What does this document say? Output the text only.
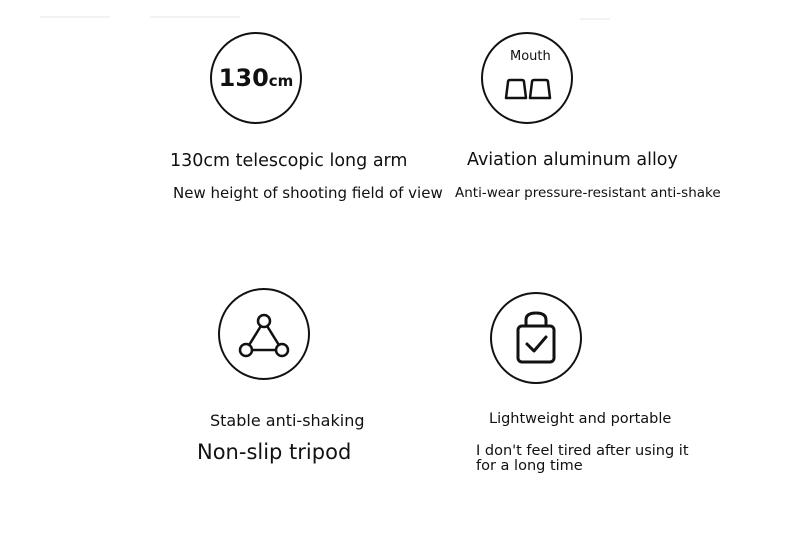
130cm
130cm telescopic long arm
New height of shooting field of view
Mouth
Aviation aluminum alloy
Anti-wear pressure-resistant anti-shake
Stable anti-shaking
Non-slip tripod
Lightweight and portable
I don't feel tired after using it
for a long time
